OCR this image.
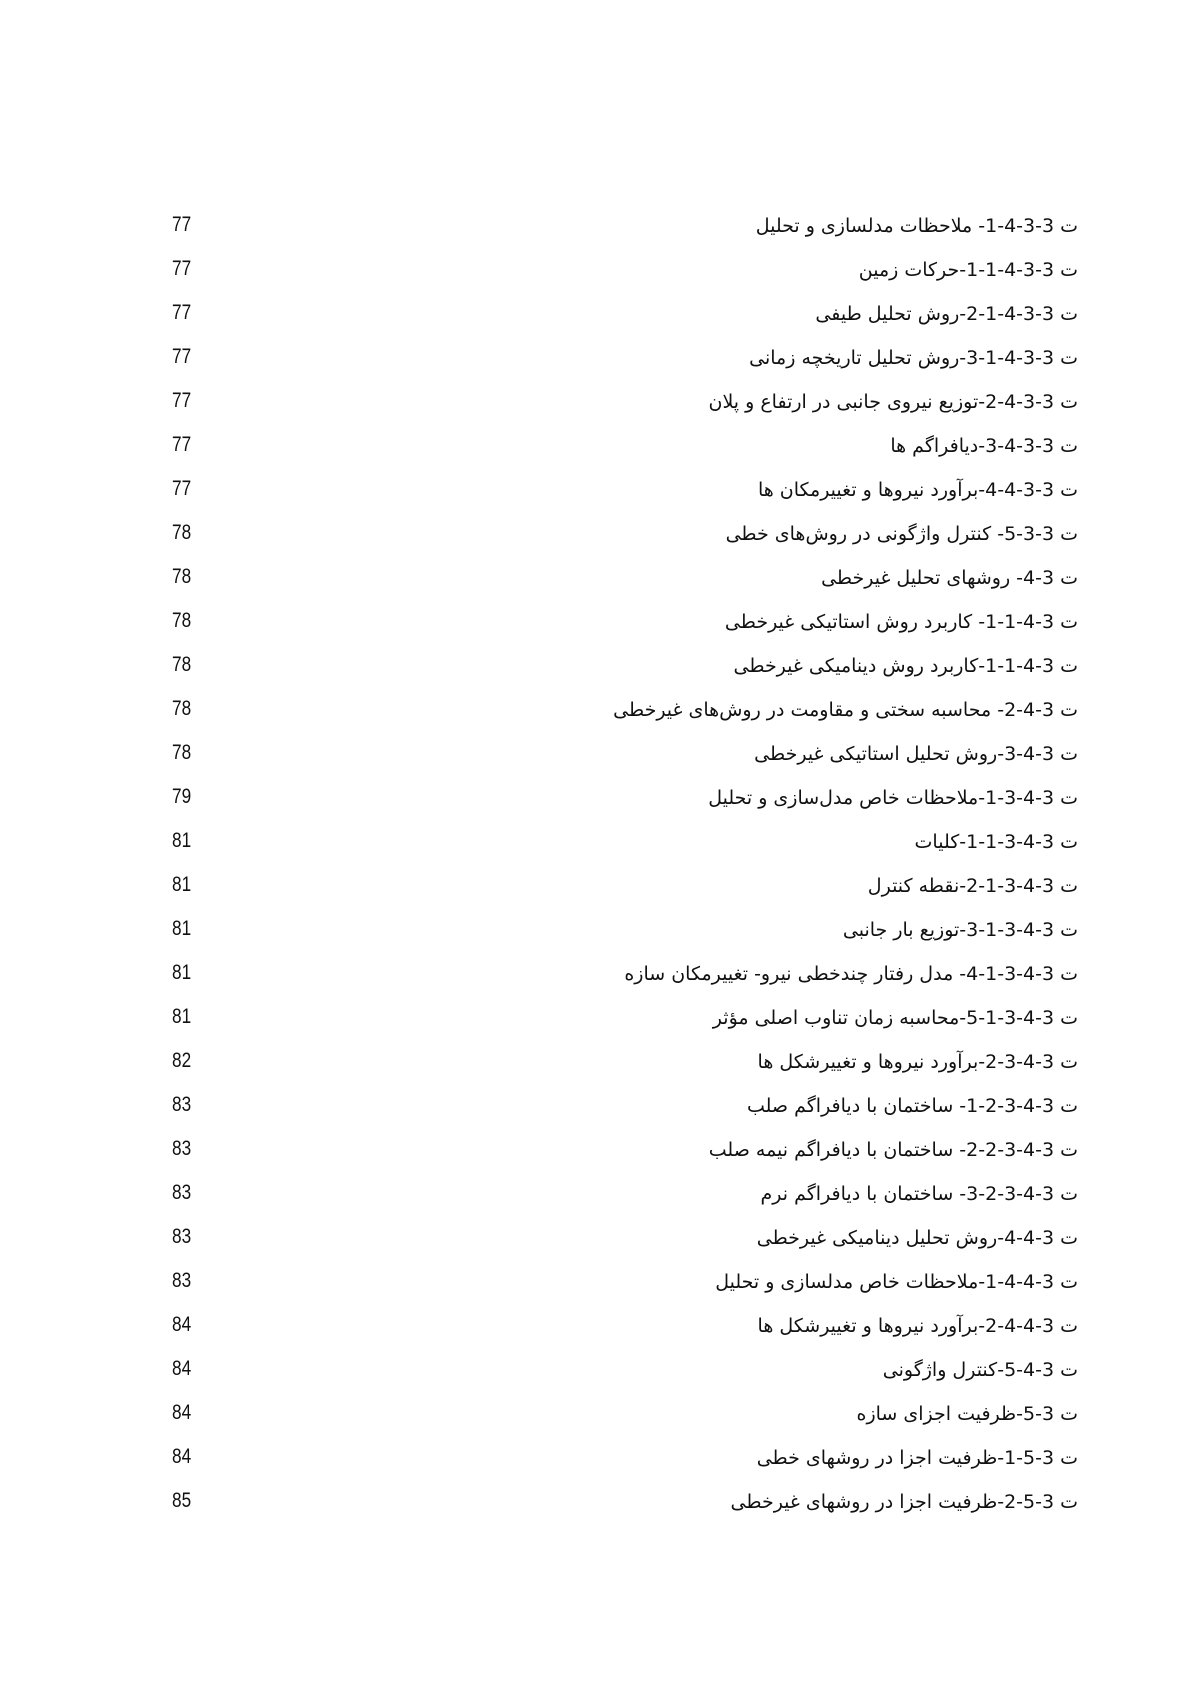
ت 3-3-4-1- ملاحظات مدلسازی و تحلیل
77
ت 3-3-4-1-1-حرکات زمین
77
ت 3-3-4-1-2-روش تحلیل طیفی
77
ت 3-3-4-1-3-روش تحلیل تاریخچه زمانی
77
ت 3-3-4-2-توزیع نیروی جانبی در ارتفاع و پلان
77
ت 3-3-4-3-دیافراگم ها
77
ت 3-3-4-4-برآورد نیروها و تغییرمکان ها
77
ت 3-3-5- کنترل واژگونی در روش‌های خطی
78
ت 3-4- روشهای تحلیل غیرخطی
78
ت 3-4-1-1- کاربرد روش استاتیکی غیرخطی
78
ت 3-4-1-1-کاربرد روش دینامیکی غیرخطی
78
ت 3-4-2- محاسبه سختی و مقاومت در روش‌های غیرخطی
78
ت 3-4-3-روش تحلیل استاتیکی غیرخطی
78
ت 3-4-3-1-ملاحظات خاص مدل‌سازی و تحلیل
79
ت 3-4-3-1-1-کلیات
81
ت 3-4-3-1-2-نقطه کنترل
81
ت 3-4-3-1-3-توزیع بار جانبی
81
ت 3-4-3-1-4- مدل رفتار چندخطی نیرو- تغییرمکان سازه
81
ت 3-4-3-1-5-محاسبه زمان تناوب اصلی مؤثر
81
ت 3-4-3-2-برآورد نیروها و تغییرشکل ها
82
ت 3-4-3-2-1- ساختمان با دیافراگم صلب
83
ت 3-4-3-2-2- ساختمان با دیافراگم نیمه صلب
83
ت 3-4-3-2-3- ساختمان با دیافراگم نرم
83
ت 3-4-4-روش تحلیل دینامیکی غیرخطی
83
ت 3-4-4-1-ملاحظات خاص مدلسازی و تحلیل
83
ت 3-4-4-2-برآورد نیروها و تغییرشکل ها
84
ت 3-4-5-کنترل واژگونی
84
ت 3-5-ظرفیت اجزای سازه
84
ت 3-5-1-ظرفیت اجزا در روشهای خطی
84
ت 3-5-2-ظرفیت اجزا در روشهای غیرخطی
85
